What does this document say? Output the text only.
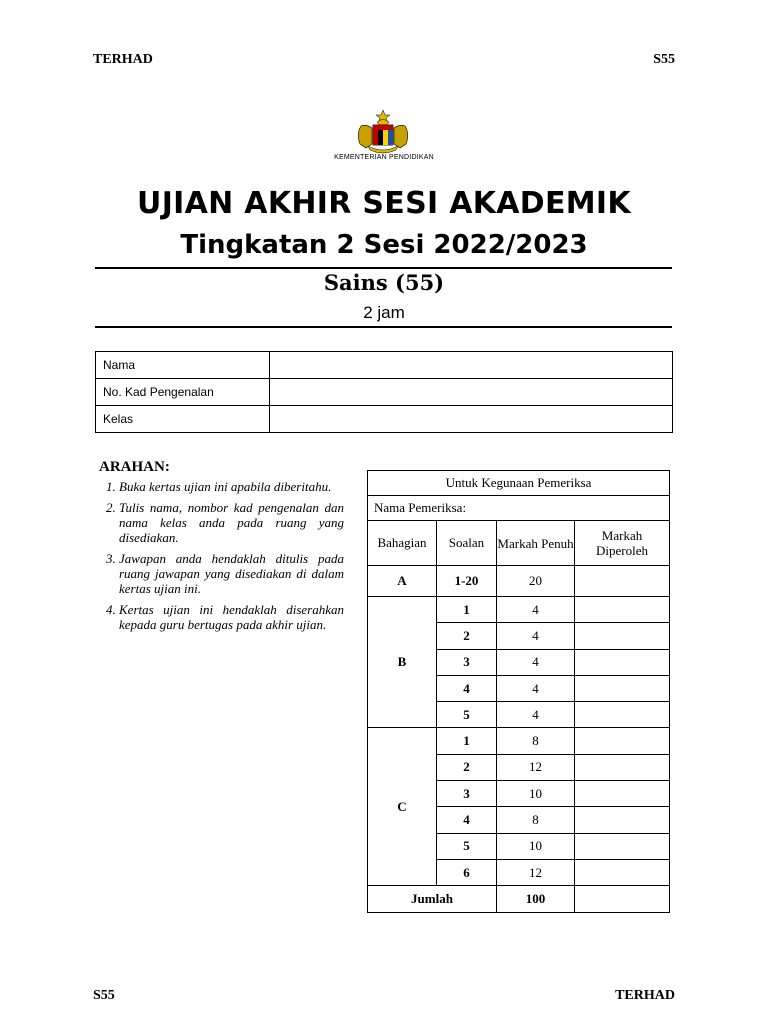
TERHAD	S55
KEMENTERIAN PENDIDIKAN
UJIAN AKHIR SESI AKADEMIK
Tingkatan 2 Sesi 2022/2023
Sains (55)
2 jam
Nama	
No. Kad Pengenalan	
Kelas	
ARAHAN:
1. Buka kertas ujian ini apabila diberitahu.
2. Tulis nama, nombor kad pengenalan dan nama kelas anda pada ruang yang disediakan.
3. Jawapan anda hendaklah ditulis pada ruang jawapan yang disediakan di dalam kertas ujian ini.
4. Kertas ujian ini hendaklah diserahkan kepada guru bertugas pada akhir ujian.
Untuk Kegunaan Pemeriksa			
Nama Pemeriksa:			
Bahagian	Soalan	Markah Penuh	Markah Diperoleh
A	1-20	20	
B	1	4	
	2	4	
	3	4	
	4	4	
	5	4	
C	1	8	
	2	12	
	3	10	
	4	8	
	5	10	
	6	12	
Jumlah		100	
S55	TERHAD
